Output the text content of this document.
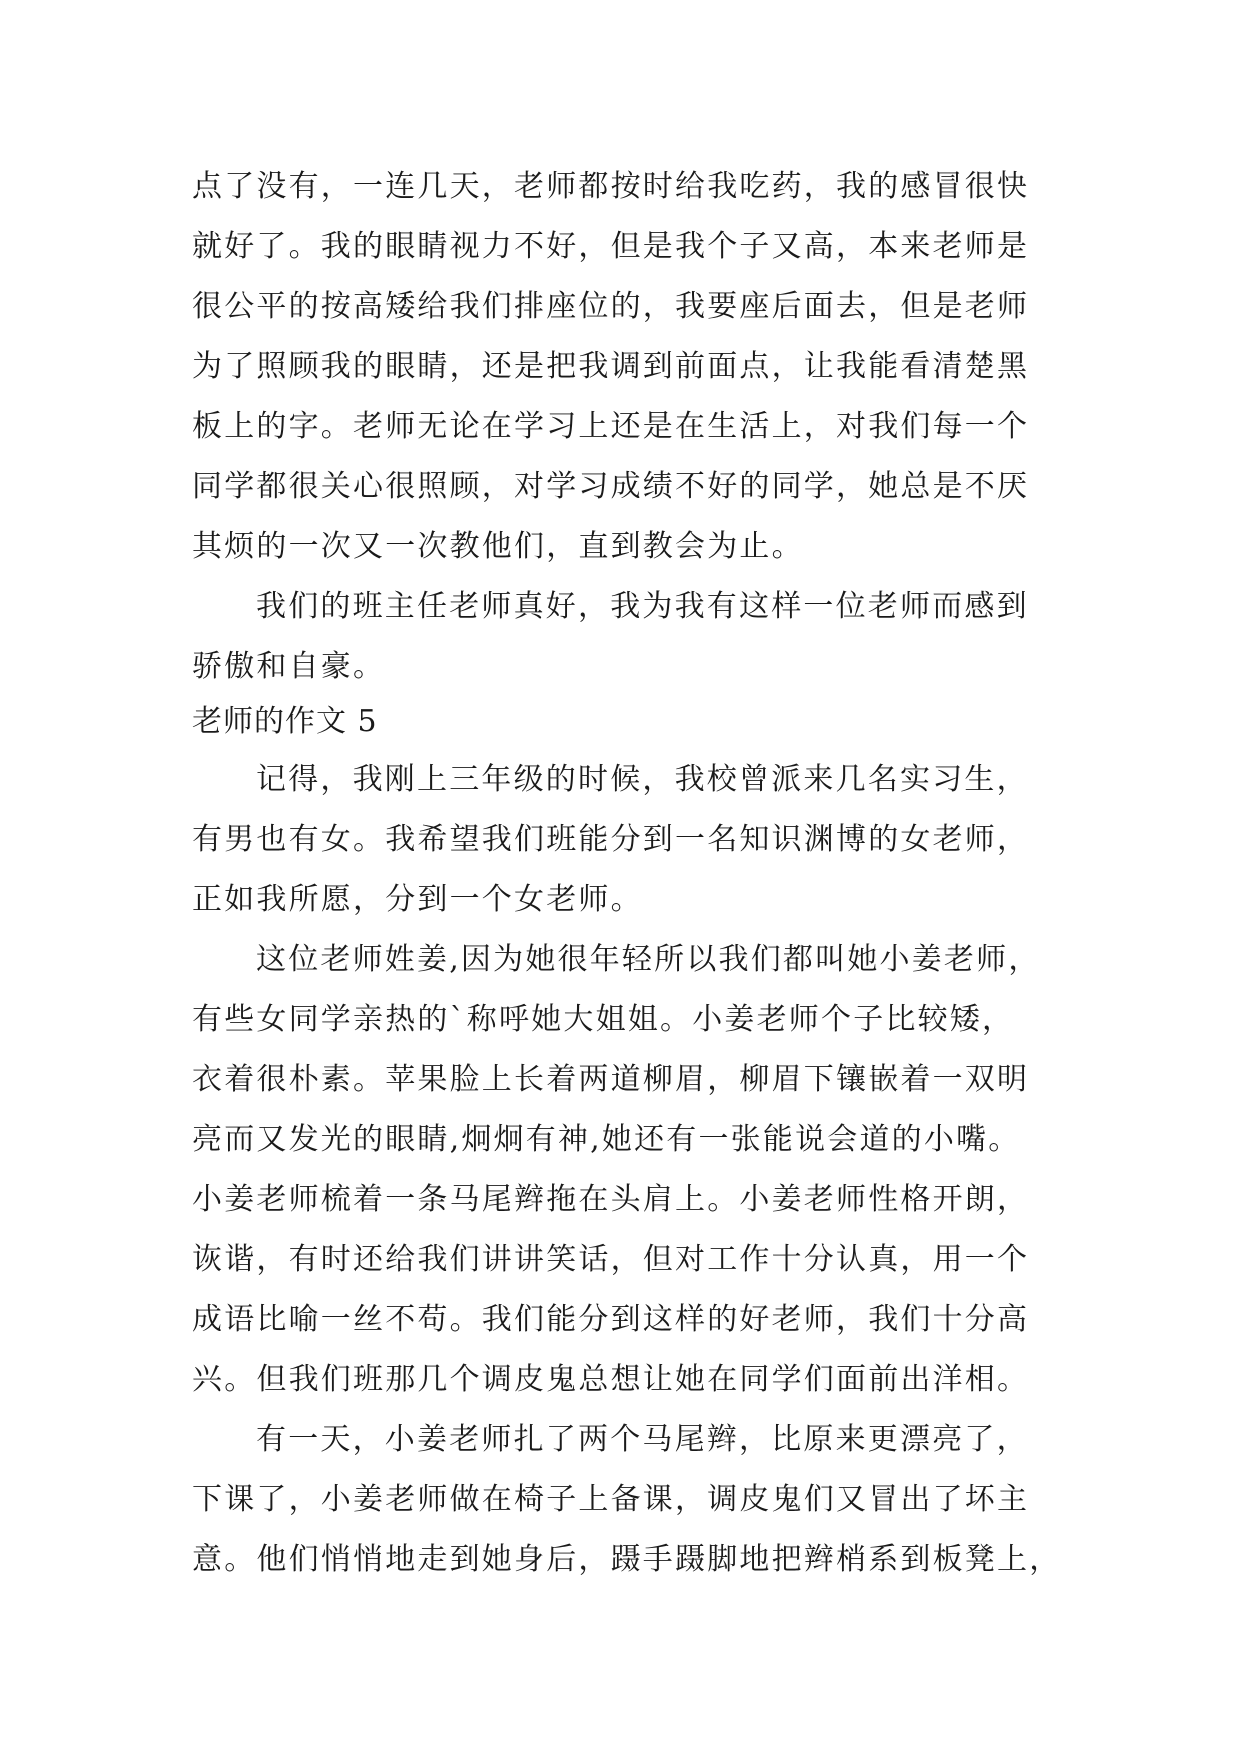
点了没有，一连几天，老师都按时给我吃药，我的感冒很快
就好了。我的眼睛视力不好，但是我个子又高，本来老师是
很公平的按高矮给我们排座位的，我要座后面去，但是老师
为了照顾我的眼睛，还是把我调到前面点，让我能看清楚黑
板上的字。老师无论在学习上还是在生活上，对我们每一个
同学都很关心很照顾，对学习成绩不好的同学，她总是不厌
其烦的一次又一次教他们，直到教会为止。
我们的班主任老师真好，我为我有这样一位老师而感到
骄傲和自豪。
老师的作文 5
记得，我刚上三年级的时候，我校曾派来几名实习生，
有男也有女。我希望我们班能分到一名知识渊博的女老师，
正如我所愿，分到一个女老师。
这位老师姓姜,因为她很年轻所以我们都叫她小姜老师，
有些女同学亲热的`称呼她大姐姐。小姜老师个子比较矮，
衣着很朴素。苹果脸上长着两道柳眉，柳眉下镶嵌着一双明
亮而又发光的眼睛,炯炯有神,她还有一张能说会道的小嘴。
小姜老师梳着一条马尾辫拖在头肩上。小姜老师性格开朗，
诙谐，有时还给我们讲讲笑话，但对工作十分认真，用一个
成语比喻一丝不苟。我们能分到这样的好老师，我们十分高
兴。但我们班那几个调皮鬼总想让她在同学们面前出洋相。
有一天，小姜老师扎了两个马尾辫，比原来更漂亮了，
下课了，小姜老师做在椅子上备课，调皮鬼们又冒出了坏主
意。他们悄悄地走到她身后，蹑手蹑脚地把辫梢系到板凳上，
